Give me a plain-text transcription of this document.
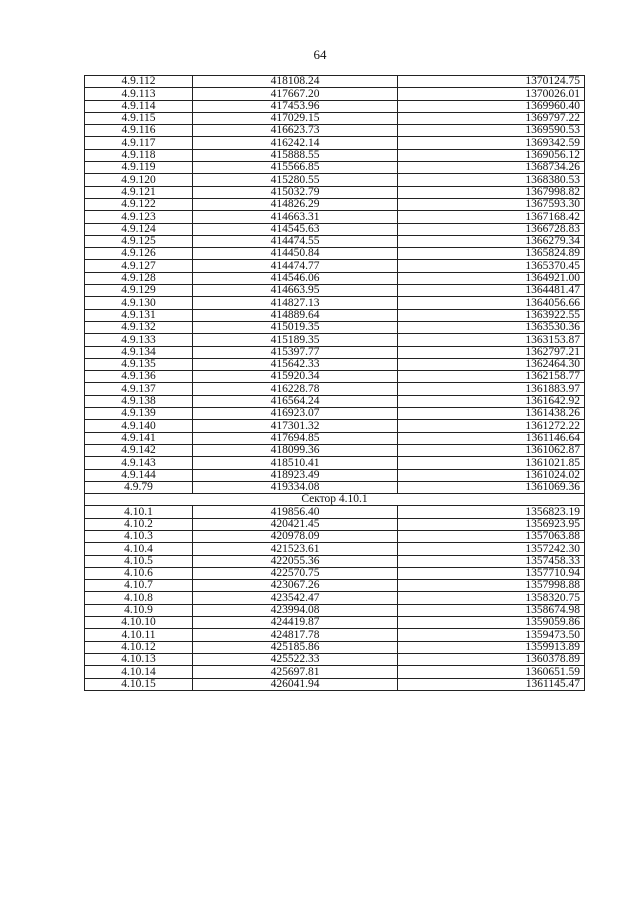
64
4.9.112	418108.24	1370124.75
4.9.113	417667.20	1370026.01
4.9.114	417453.96	1369960.40
4.9.115	417029.15	1369797.22
4.9.116	416623.73	1369590.53
4.9.117	416242.14	1369342.59
4.9.118	415888.55	1369056.12
4.9.119	415566.85	1368734.26
4.9.120	415280.55	1368380.53
4.9.121	415032.79	1367998.82
4.9.122	414826.29	1367593.30
4.9.123	414663.31	1367168.42
4.9.124	414545.63	1366728.83
4.9.125	414474.55	1366279.34
4.9.126	414450.84	1365824.89
4.9.127	414474.77	1365370.45
4.9.128	414546.06	1364921.00
4.9.129	414663.95	1364481.47
4.9.130	414827.13	1364056.66
4.9.131	414889.64	1363922.55
4.9.132	415019.35	1363530.36
4.9.133	415189.35	1363153.87
4.9.134	415397.77	1362797.21
4.9.135	415642.33	1362464.30
4.9.136	415920.34	1362158.77
4.9.137	416228.78	1361883.97
4.9.138	416564.24	1361642.92
4.9.139	416923.07	1361438.26
4.9.140	417301.32	1361272.22
4.9.141	417694.85	1361146.64
4.9.142	418099.36	1361062.87
4.9.143	418510.41	1361021.85
4.9.144	418923.49	1361024.02
4.9.79	419334.08	1361069.36
Сектор 4.10.1		
4.10.1	419856.40	1356823.19
4.10.2	420421.45	1356923.95
4.10.3	420978.09	1357063.88
4.10.4	421523.61	1357242.30
4.10.5	422055.36	1357458.33
4.10.6	422570.75	1357710.94
4.10.7	423067.26	1357998.88
4.10.8	423542.47	1358320.75
4.10.9	423994.08	1358674.98
4.10.10	424419.87	1359059.86
4.10.11	424817.78	1359473.50
4.10.12	425185.86	1359913.89
4.10.13	425522.33	1360378.89
4.10.14	425697.81	1360651.59
4.10.15	426041.94	1361145.47
